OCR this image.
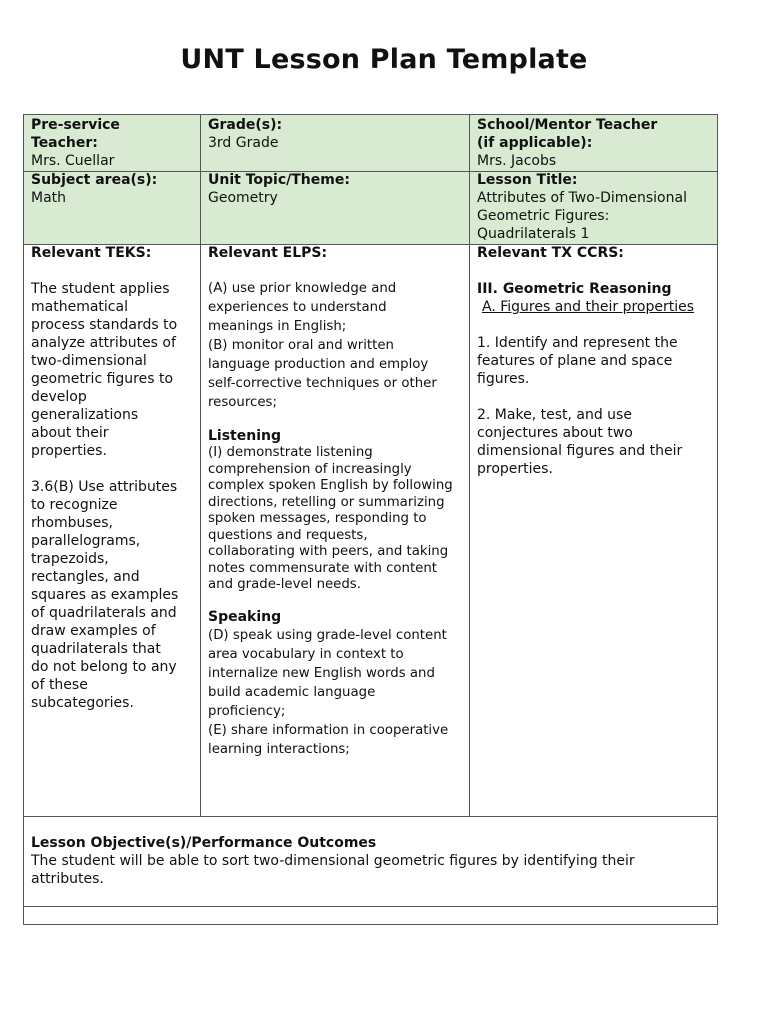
UNT Lesson Plan Template
Pre-service
Teacher:
Mrs. Cuellar
Grade(s):
3rd Grade
School/Mentor Teacher
(if applicable):
Mrs. Jacobs
Subject area(s):
Math
Unit Topic/Theme:
Geometry
Lesson Title:
Attributes of Two-Dimensional
Geometric Figures:
Quadrilaterals 1
Relevant TEKS:
The student applies
mathematical
process standards to
analyze attributes of
two-dimensional
geometric figures to
develop
generalizations
about their
properties.
3.6(B) Use attributes
to recognize
rhombuses,
parallelograms,
trapezoids,
rectangles, and
squares as examples
of quadrilaterals and
draw examples of
quadrilaterals that
do not belong to any
of these
subcategories.
Relevant ELPS:
(A) use prior knowledge and
experiences to understand
meanings in English;
(B) monitor oral and written
language production and employ
self-corrective techniques or other
resources;
Listening
(I) demonstrate listening
comprehension of increasingly
complex spoken English by following
directions, retelling or summarizing
spoken messages, responding to
questions and requests,
collaborating with peers, and taking
notes commensurate with content
and grade-level needs.
Speaking
(D) speak using grade-level content
area vocabulary in context to
internalize new English words and
build academic language
proficiency;
(E) share information in cooperative
learning interactions;
Relevant TX CCRS:
III. Geometric Reasoning
A. Figures and their properties
1. Identify and represent the
features of plane and space
figures.
2. Make, test, and use
conjectures about two
dimensional figures and their
properties.
Lesson Objective(s)/Performance Outcomes
The student will be able to sort two-dimensional geometric figures by identifying their
attributes.
